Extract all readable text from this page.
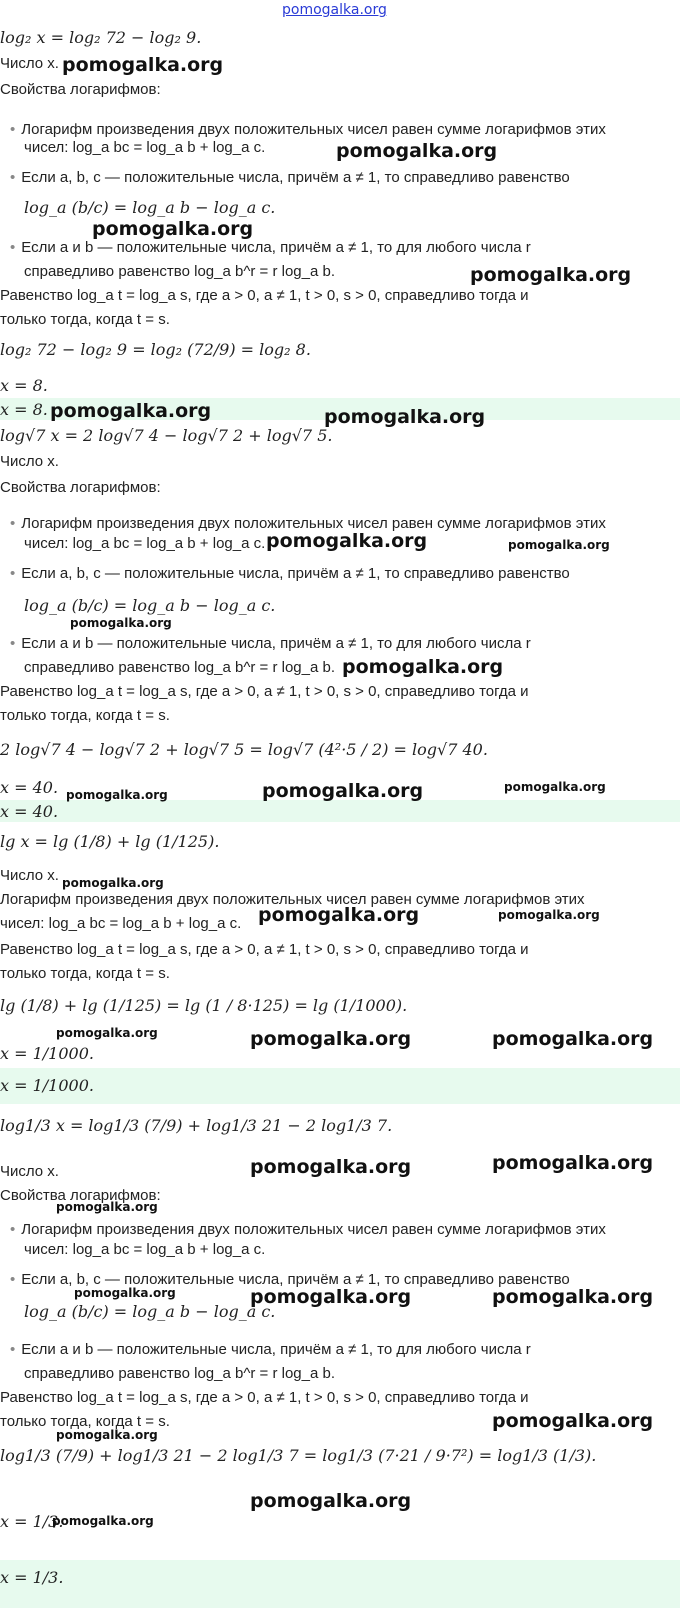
pomogalka.org
log₂ x = log₂ 72 − log₂ 9.
Число x.
Свойства логарифмов:
• Логарифм произведения двух положительных чисел равен сумме логарифмов этих
чисел: log_a bc = log_a b + log_a c.
• Если a, b, c — положительные числа, причём a ≠ 1, то справедливо равенство
log_a (b/c) = log_a b − log_a c.
• Если a и b — положительные числа, причём a ≠ 1, то для любого числа r
справедливо равенство log_a b^r = r log_a b.
Равенство log_a t = log_a s, где a > 0, a ≠ 1, t > 0, s > 0, справедливо тогда и
только тогда, когда t = s.
log₂ 72 − log₂ 9 = log₂ (72/9) = log₂ 8.
x = 8.
x = 8.
log√7 x = 2 log√7 4 − log√7 2 + log√7 5.
Число x.
Свойства логарифмов:
• Логарифм произведения двух положительных чисел равен сумме логарифмов этих
чисел: log_a bc = log_a b + log_a c.
• Если a, b, c — положительные числа, причём a ≠ 1, то справедливо равенство
log_a (b/c) = log_a b − log_a c.
• Если a и b — положительные числа, причём a ≠ 1, то для любого числа r
справедливо равенство log_a b^r = r log_a b.
Равенство log_a t = log_a s, где a > 0, a ≠ 1, t > 0, s > 0, справедливо тогда и
только тогда, когда t = s.
2 log√7 4 − log√7 2 + log√7 5 = log√7 (4²·5 / 2) = log√7 40.
x = 40.
x = 40.
lg x = lg (1/8) + lg (1/125).
Число x.
Логарифм произведения двух положительных чисел равен сумме логарифмов этих
чисел: log_a bc = log_a b + log_a c.
Равенство log_a t = log_a s, где a > 0, a ≠ 1, t > 0, s > 0, справедливо тогда и
только тогда, когда t = s.
lg (1/8) + lg (1/125) = lg (1 / 8·125) = lg (1/1000).
x = 1/1000.
x = 1/1000.
log1/3 x = log1/3 (7/9) + log1/3 21 − 2 log1/3 7.
Число x.
Свойства логарифмов:
• Логарифм произведения двух положительных чисел равен сумме логарифмов этих
чисел: log_a bc = log_a b + log_a c.
• Если a, b, c — положительные числа, причём a ≠ 1, то справедливо равенство
log_a (b/c) = log_a b − log_a c.
• Если a и b — положительные числа, причём a ≠ 1, то для любого числа r
справедливо равенство log_a b^r = r log_a b.
Равенство log_a t = log_a s, где a > 0, a ≠ 1, t > 0, s > 0, справедливо тогда и
только тогда, когда t = s.
log1/3 (7/9) + log1/3 21 − 2 log1/3 7 = log1/3 (7·21 / 9·7²) = log1/3 (1/3).
x = 1/3.
x = 1/3.
pomogalka.org
pomogalka.org
pomogalka.org
pomogalka.org
pomogalka.org	pomogalka.org
pomogalka.org	pomogalka.org
pomogalka.org
pomogalka.org
pomogalka.org
pomogalka.org
pomogalka.org
pomogalka.org
pomogalka.org	pomogalka.org
pomogalka.org	pomogalka.org	pomogalka.org
pomogalka.org	pomogalka.org
pomogalka.org
pomogalka.org	pomogalka.org	pomogalka.org
pomogalka.org
pomogalka.org
pomogalka.org
pomogalka.org
